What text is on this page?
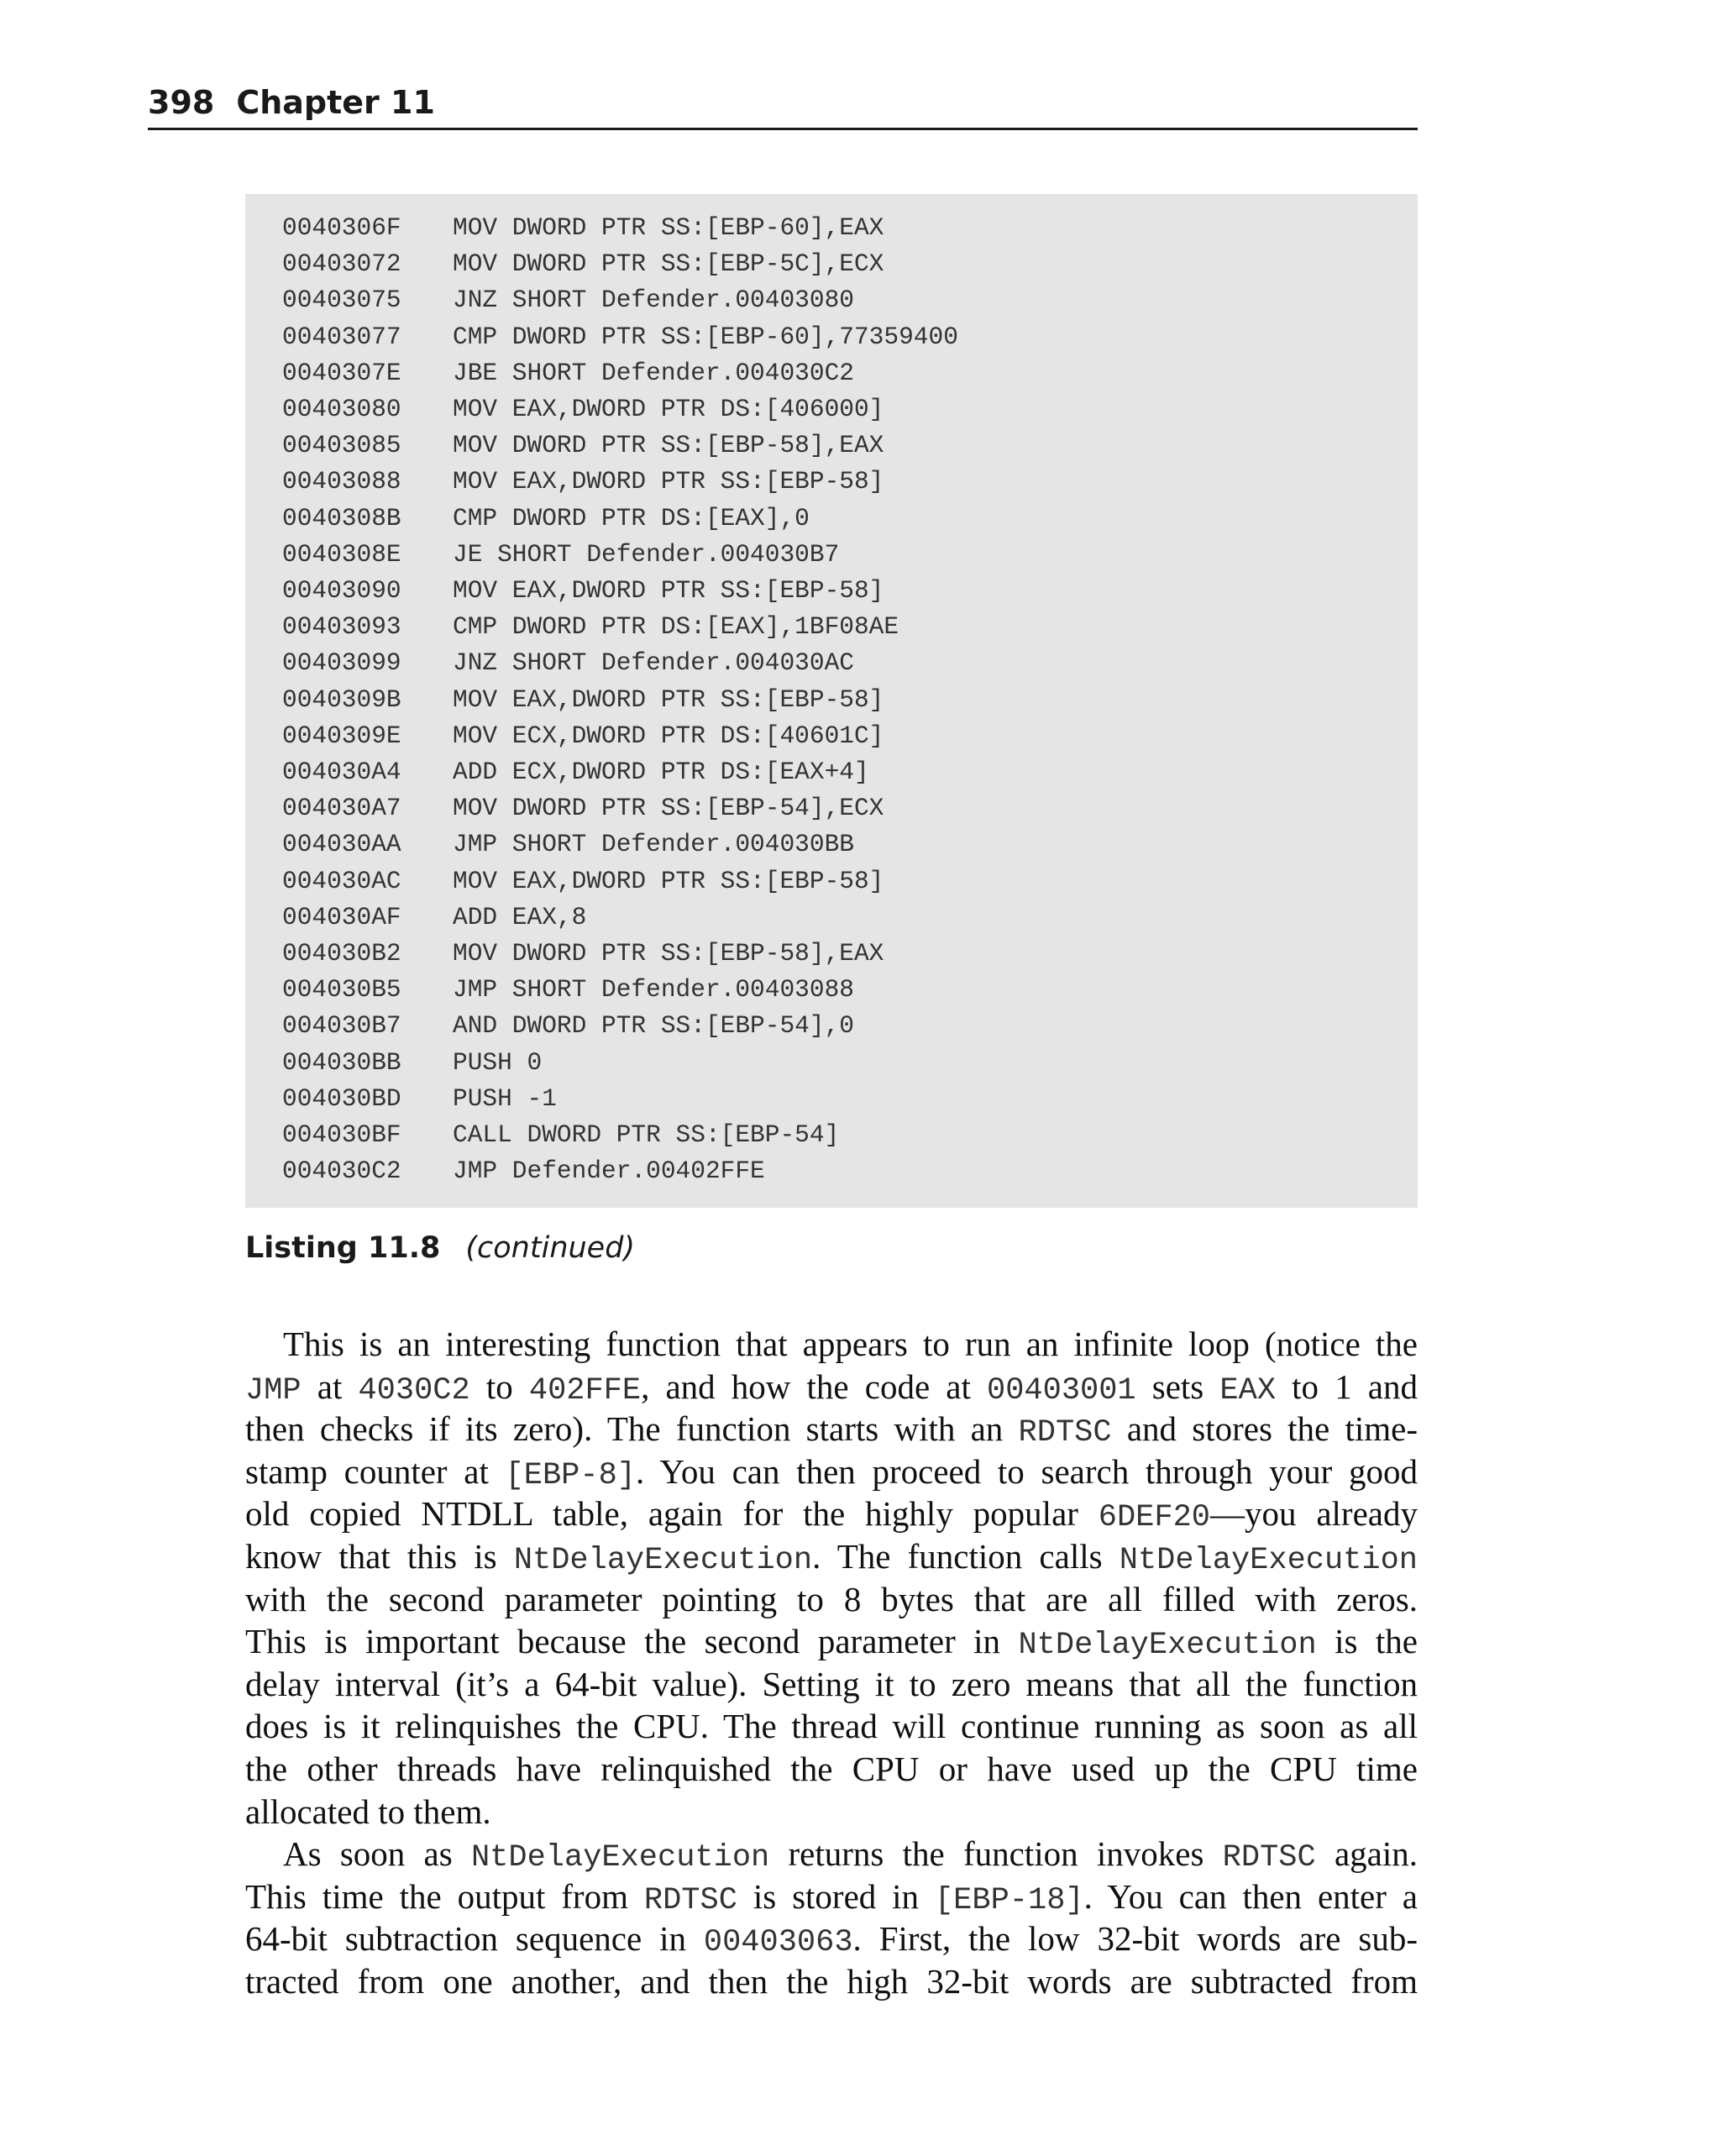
398 Chapter 11
0040306F MOV DWORD PTR SS:[EBP-60],EAX
00403072 MOV DWORD PTR SS:[EBP-5C],ECX
00403075 JNZ SHORT Defender.00403080
00403077 CMP DWORD PTR SS:[EBP-60],77359400
0040307E JBE SHORT Defender.004030C2
00403080 MOV EAX,DWORD PTR DS:[406000]
00403085 MOV DWORD PTR SS:[EBP-58],EAX
00403088 MOV EAX,DWORD PTR SS:[EBP-58]
0040308B CMP DWORD PTR DS:[EAX],0
0040308E JE SHORT Defender.004030B7
00403090 MOV EAX,DWORD PTR SS:[EBP-58]
00403093 CMP DWORD PTR DS:[EAX],1BF08AE
00403099 JNZ SHORT Defender.004030AC
0040309B MOV EAX,DWORD PTR SS:[EBP-58]
0040309E MOV ECX,DWORD PTR DS:[40601C]
004030A4 ADD ECX,DWORD PTR DS:[EAX+4]
004030A7 MOV DWORD PTR SS:[EBP-54],ECX
004030AA JMP SHORT Defender.004030BB
004030AC MOV EAX,DWORD PTR SS:[EBP-58]
004030AF ADD EAX,8
004030B2 MOV DWORD PTR SS:[EBP-58],EAX
004030B5 JMP SHORT Defender.00403088
004030B7 AND DWORD PTR SS:[EBP-54],0
004030BB PUSH 0
004030BD PUSH -1
004030BF CALL DWORD PTR SS:[EBP-54]
004030C2 JMP Defender.00402FFE
Listing 11.8 (continued)
This is an interesting function that appears to run an infinite loop (notice the
JMP at 4030C2 to 402FFE, and how the code at 00403001 sets EAX to 1 and
then checks if its zero). The function starts with an RDTSC and stores the time-
stamp counter at [EBP-8]. You can then proceed to search through your good
old copied NTDLL table, again for the highly popular 6DEF20—you already
know that this is NtDelayExecution. The function calls NtDelayExecution
with the second parameter pointing to 8 bytes that are all filled with zeros.
This is important because the second parameter in NtDelayExecution is the
delay interval (it’s a 64-bit value). Setting it to zero means that all the function
does is it relinquishes the CPU. The thread will continue running as soon as all
the other threads have relinquished the CPU or have used up the CPU time
allocated to them.
As soon as NtDelayExecution returns the function invokes RDTSC again.
This time the output from RDTSC is stored in [EBP-18]. You can then enter a
64-bit subtraction sequence in 00403063. First, the low 32-bit words are sub-
tracted from one another, and then the high 32-bit words are subtracted from
